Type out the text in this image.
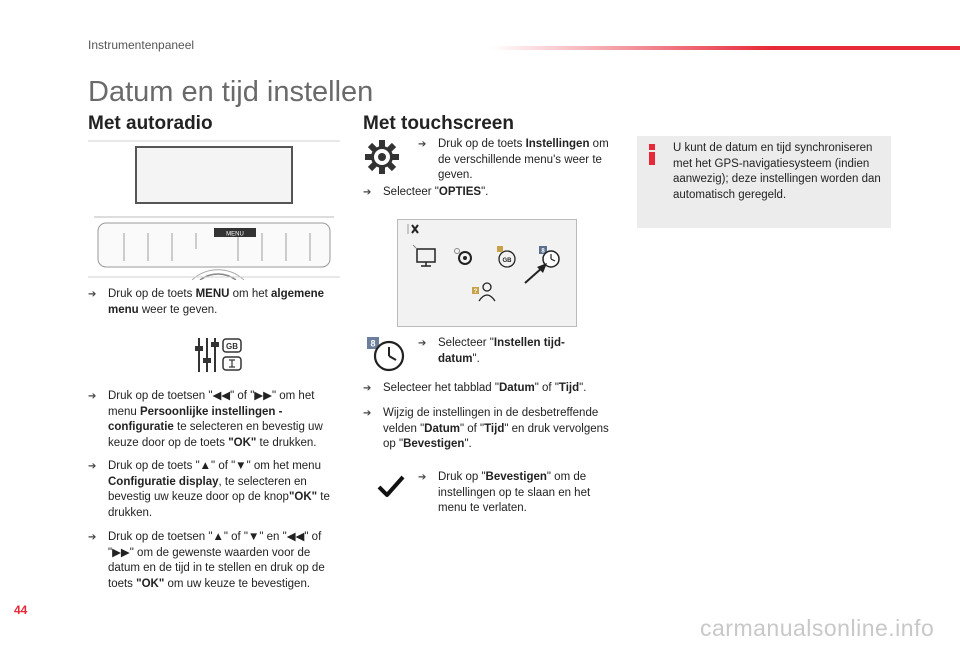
Instrumentenpaneel
Datum en tijd instellen
Met autoradio
MENU
➔	Druk op de toets MENU om het algemene menu weer te geven.
GB
➔	Druk op de toetsen "◀◀" of "▶▶" om het menu Persoonlijke instellingen - configuratie te selecteren en bevestig uw keuze door op de toets "OK" te drukken.
➔	Druk op de toets "▲" of "▼" om het menu Configuratie display, te selecteren en bevestig uw keuze door op de knop"OK" te drukken.
➔	Druk op de toetsen "▲" of "▼" en "◀◀" of "▶▶" om de gewenste waarden voor de datum en de tijd in te stellen en druk op de toets "OK" om uw keuze te bevestigen.
Met touchscreen
➔	Druk op de toets Instellingen om de verschillende menu's weer te geven.
➔	Selecteer "OPTIES".
GB
8
?
8	➔	Selecteer "Instellen tijd-datum".
➔	Selecteer het tabblad "Datum" of "Tijd".
➔	Wijzig de instellingen in de desbetreffende velden "Datum" of "Tijd" en druk vervolgens op "Bevestigen".
➔	Druk op "Bevestigen" om de instellingen op te slaan en het menu te verlaten.
U kunt de datum en tijd synchroniseren met het GPS-navigatiesysteem (indien aanwezig); deze instellingen worden dan automatisch geregeld.
44
carmanualsonline.info
